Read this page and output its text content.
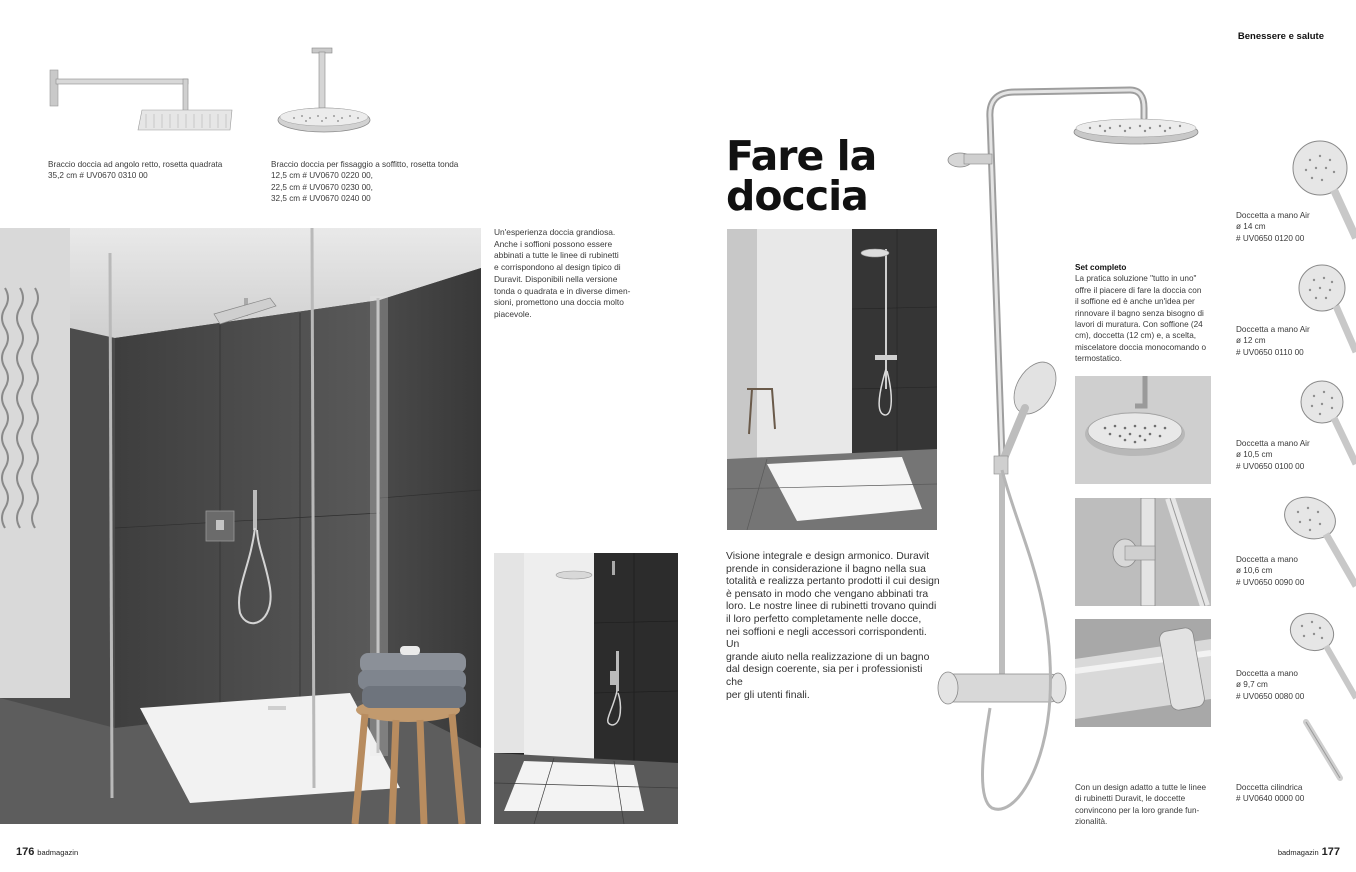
Braccio doccia ad angolo retto, rosetta quadrata
35,2 cm # UV0670 0310 00
Braccio doccia per fissaggio a soffitto, rosetta tonda
12,5 cm # UV0670 0220 00,
22,5 cm # UV0670 0230 00,
32,5 cm # UV0670 0240 00
Un'esperienza doccia grandiosa.
Anche i soffioni possono essere
abbinati a tutte le linee di rubinetti
e corrispondono al design tipico di
Duravit. Disponibili nella versione
tonda o quadrata e in diverse dimen-
sioni, promettono una doccia molto
piacevole.
176 badmagazin
Benessere e salute
Fare la
doccia
Visione integrale e design armonico. Duravit
prende in considerazione il bagno nella sua
totalità e realizza pertanto prodotti il cui design
è pensato in modo che vengano abbinati tra
loro. Le nostre linee di rubinetti trovano quindi
il loro perfetto completamente nelle docce,
nei soffioni e negli accessori corrispondenti. Un
grande aiuto nella realizzazione di un bagno
dal design coerente, sia per i professionisti che
per gli utenti finali.
Set completo
La pratica soluzione "tutto in uno"
offre il piacere di fare la doccia con
il soffione ed è anche un'idea per
rinnovare il bagno senza bisogno di
lavori di muratura. Con soffione (24
cm), doccetta (12 cm) e, a scelta,
miscelatore doccia monocomando o
termostatico.
Con un design adatto a tutte le linee
di rubinetti Duravit, le doccette
convincono per la loro grande fun-
zionalità.
Doccetta a mano Air
ø 14 cm
# UV0650 0120 00
Doccetta a mano Air
ø 12 cm
# UV0650 0110 00
Doccetta a mano Air
ø 10,5 cm
# UV0650 0100 00
Doccetta a mano
ø 10,6 cm
# UV0650 0090 00
Doccetta a mano
ø 9,7 cm
# UV0650 0080 00
Doccetta cilindrica
# UV0640 0000 00
badmagazin 177
